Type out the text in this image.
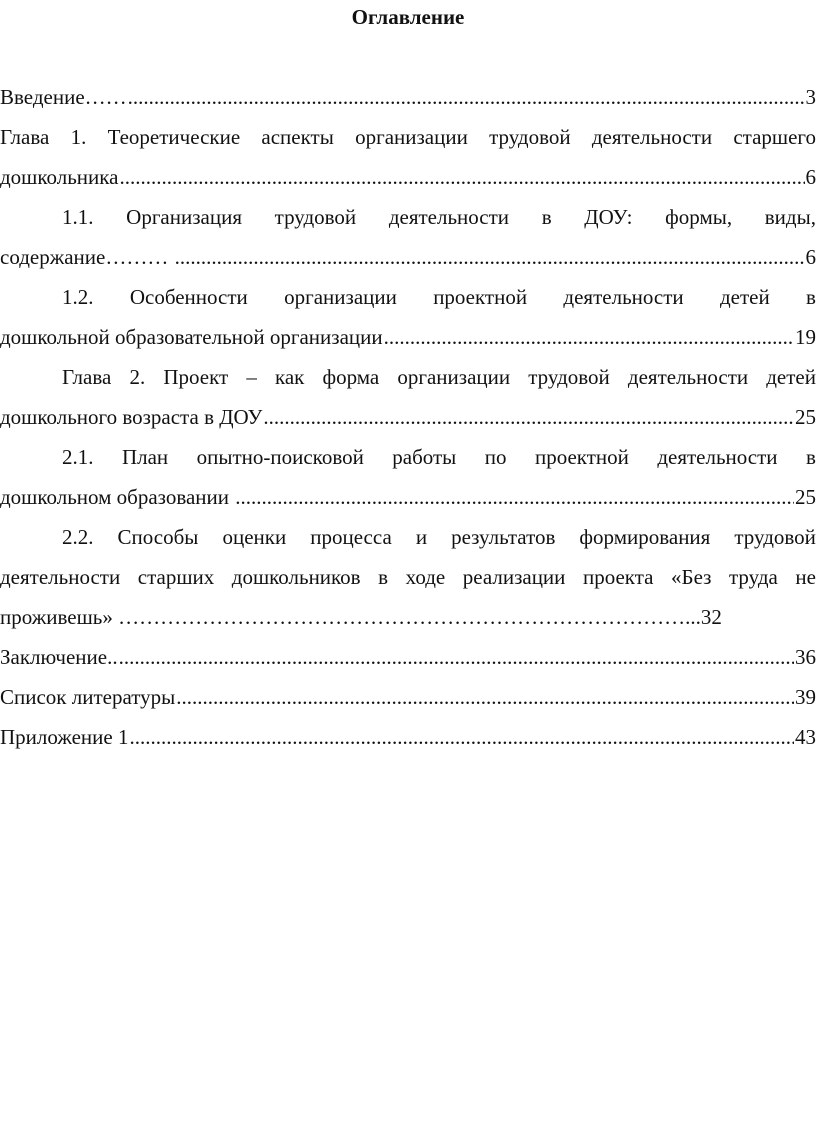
Оглавление
Введение…… .....	3
Глава 1. Теоретические аспекты организации трудовой деятельности старшего
дошкольника .....	6
1.1. Организация трудовой деятельности в ДОУ: формы, виды,
содержание……… .....	6
1.2. Особенности организации проектной деятельности детей в
дошкольной образовательной организации .....	19
Глава 2. Проект – как форма организации трудовой деятельности детей
дошкольного возраста в ДОУ .....	25
2.1. План опытно-поисковой работы по проектной деятельности в
дошкольном образовании .....	25
2.2. Способы оценки процесса и результатов формирования трудовой
деятельности старших дошкольников в ходе реализации проекта «Без труда не
проживешь» ………………………………………………………………………... 32
Заключение.. .....	36
Список литературы .....	39
Приложение 1 .....	43
